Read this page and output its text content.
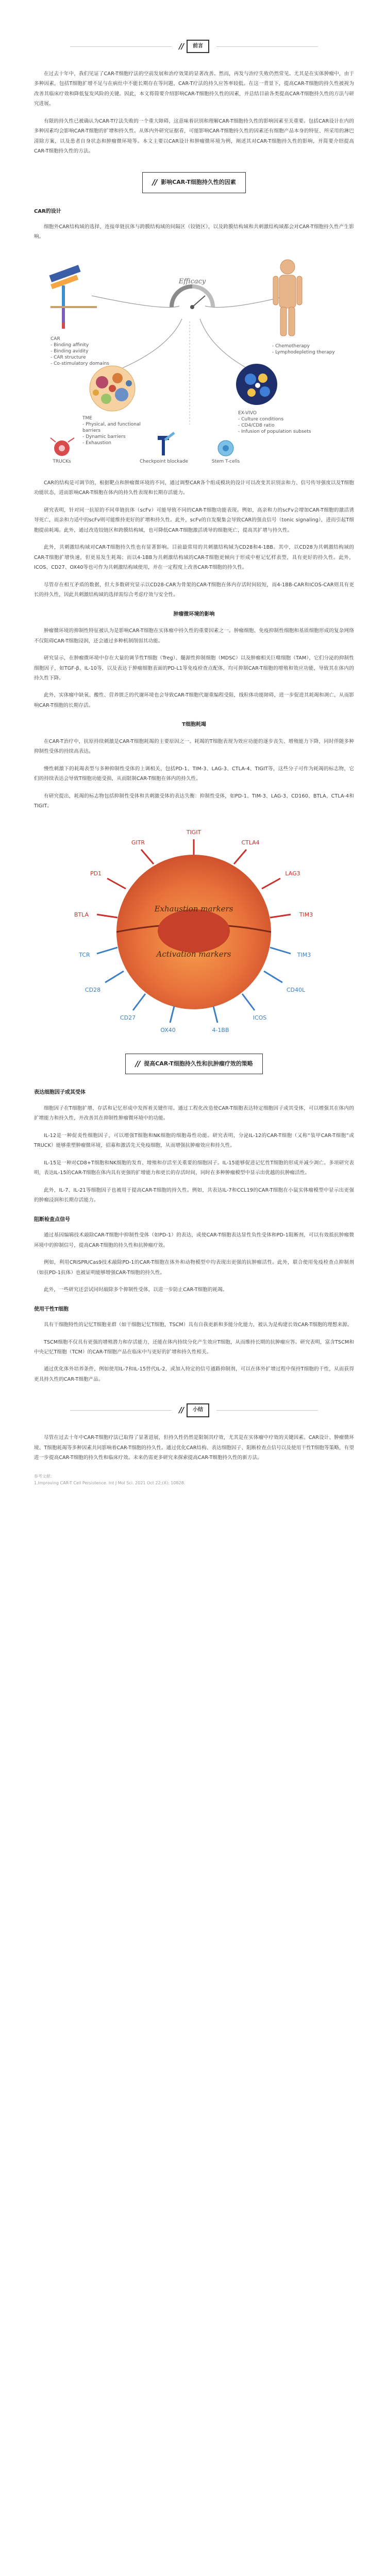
//	前言

在过去十年中，我们见证了CAR-T细胞疗法的空前发展和治疗效果的显著改善。然而，再发与治疗失败仍然常见。尤其是在实体肿瘤中，由于多种因素，包括T细胞扩增不足与在病灶中不能长期存在等问题，CAR-T疗法的持久应答率较低。在这一背景下，提高CAR-T细胞的持久性被视为改善其临床疗效和降低复发风险的关键。因此，本文将简要介绍影响CAR-T细胞持久性的因素，并总结目前各类提高CAR-T细胞持久性的方法与研究进展。

有限的持久性已被确认为CAR-T疗法失败的一个重大障碍，这意味着识别和理解CAR-T细胞持久性的影响因素至关重要。包括CAR设计在内的多种因素均会影响CAR-T细胞的扩增和持久性。从体内外研究证据看，可能影响CAR-T细胞持久性的因素还有细胞产品本身的特征、所采用的淋巴清除方案，以及患者自身状态和肿瘤微环境等。本文主要以CAR设计和肿瘤微环境为例，阐述其对CAR-T细胞持久性的影响，并简要介绍提高CAR-T细胞持久性的方法。

// 影响CAR-T细胞持久性的因素
CAR的设计

细胞外CAR结构域的选择，连接单链抗体与跨膜结构域的间隔区（铰链区），以及跨膜结构域和共刺激结构域都会对CAR-T细胞持久性产生影响。

Efficacy
CAR
- Binding affinity
- Binding avidity
- CAR structure
- Co-stimulatory domains
- Chemotherapy
- Lymphodepleting therapy
TME
- Physical, and functional
barriers
- Dynamic barriers
- Exhaustion
EX-VIVO
- Culture conditions
- CD4/CD8 ratio
- Infusion of population subsets
TRUCKs	Checkpoint blockade	Stem T-cells

CAR的结构是可调节的，根据靶点和肿瘤微环境的不同，通过调整CAR各个组成模块的设计可以改变其识别亲和力、信号传导强度以及T细胞功能状态，进而影响CAR-T细胞在体内的持久性表现和长期存活能力。

研究表明，针对同一抗原的不同单链抗体（scFv）可能导致不同的CAR-T细胞功能表现。例如，高亲和力的scFv会增加CAR-T细胞的激活诱导死亡，而亲和力适中的scFv则可能维持更好的扩增和持久性。此外，scFv的自发聚集会导致CAR的强直信号（tonic signaling），进而引起T细胞提前耗竭。此外，通过改造铰链区和跨膜结构域，也可降低CAR-T细胞激活诱导的细胞死亡，提高其扩增与持久性。

此外，共刺激结构域对CAR-T细胞持久性也有显著影响。目前最常用的共刺激结构域为CD28和4-1BB。其中，以CD28为共刺激结构域的CAR-T细胞扩增快速，但更易发生耗竭；而以4-1BB为共刺激结构域的CAR-T细胞更倾向于形成中枢记忆样表型，具有更好的持久性。此外，ICOS、CD27、OX40等也可作为共刺激结构域使用，并在一定程度上改善CAR-T细胞的持久性。

尽管存在相互矛盾的数据，但大多数研究显示以CD28-CAR为骨架的CAR-T细胞在体内存活时间较短，而4-1BB-CAR和ICOS-CAR则具有更长的持久性，因此共刺激结构域的选择需综合考虑疗效与安全性。

肿瘤微环境的影响

肿瘤微环境的抑制性特征被认为是影响CAR-T细胞在实体瘤中持久性的重要因素之一。肿瘤细胞、免疫抑制性细胞和基质细胞形成的复杂网络不仅阻碍CAR-T细胞浸润，还会通过多种机制削弱其功能。

研究显示，在肿瘤微环境中存在大量的调节性T细胞（Treg）、髓源性抑制细胞（MDSC）以及肿瘤相关巨噬细胞（TAM），它们分泌的抑制性细胞因子，如TGF-β、IL-10等，以及表达于肿瘤细胞表面的PD-L1等免疫检查点配体，均可抑制CAR-T细胞的增殖和效应功能，导致其在体内的持久性下降。

此外，实体瘤中缺氧、酸性、营养匮乏的代谢环境也会导致CAR-T细胞代谢重编程受阻，线粒体功能障碍，进一步促进其耗竭和凋亡，从而影响CAR-T细胞的长期存活。

T细胞耗竭

在CAR-T治疗中，抗原持续刺激是CAR-T细胞耗竭的主要原因之一。耗竭的T细胞表现为效应功能的逐步丧失、增殖能力下降，同时伴随多种抑制性受体的持续高表达。

慢性刺激下的耗竭表型与多种抑制性受体的上调相关，包括PD-1、TIM-3、LAG-3、CTLA-4、TIGIT等，这些分子可作为耗竭的标志物，它们的持续表达会导致T细胞功能受损，从而限制CAR-T细胞在体内的持久性。

有研究提出，耗竭的标志物包括抑制性受体和共刺激受体的表达失衡：抑制性受体，如PD-1、TIM-3、LAG-3、CD160、BTLA、CTLA-4和TIGIT。

Exhaustion markers
Activation markers
TIGIT
GITR	CTLA4
PD1	LAG3
BTLA	TIM3
TCR
CD28
CD27
OX40	4-1BB
ICOS
CD40L
TIM3
// 提高CAR-T细胞持久性和抗肿瘤疗效的策略
表达细胞因子或其受体

细胞因子在T细胞扩增、存活和记忆形成中发挥着关键作用。通过工程化改造使CAR-T细胞表达特定细胞因子或其受体，可以增强其在体内的扩增能力和持久性，并改善其在抑制性肿瘤微环境中的功能。

IL-12是一种促炎性细胞因子，可以增强T细胞和NK细胞的细胞毒性功能。研究表明，分泌IL-12的CAR-T细胞（又称“装甲CAR-T细胞”或TRUCK）能够重塑肿瘤微环境，招募和激活先天免疫细胞，从而增强抗肿瘤效应和持久性。

IL-15是一种对CD8+T细胞和NK细胞的发育、增殖和存活至关重要的细胞因子。IL-15能够促进记忆性T细胞的形成并减少凋亡。多项研究表明，表达IL-15的CAR-T细胞在体内具有更强的扩增能力和更长的存活时间，同时在多种肿瘤模型中显示出优越的抗肿瘤活性。

此外，IL-7、IL-21等细胞因子也被用于提高CAR-T细胞的持久性。例如，共表达IL-7和CCL19的CAR-T细胞在小鼠实体瘤模型中显示出更强的肿瘤浸润和长期存活能力。

阻断检查点信号

通过基因编辑技术敲除CAR-T细胞中抑制性受体（如PD-1）的表达，或使CAR-T细胞表达显性负性受体和PD-1阻断剂，可以有效抵抗肿瘤微环境中的抑制信号，提高CAR-T细胞的持久性和抗肿瘤疗效。

例如，利用CRISPR/Cas9技术敲除PD-1的CAR-T细胞在体外和动物模型中均表现出更强的抗肿瘤活性。此外，联合使用免疫检查点抑制剂（如抗PD-1抗体）也被证明能够增强CAR-T细胞的持久性。

此外，一些研究还尝试同时敲除多个抑制性受体，以进一步防止CAR-T细胞的耗竭。

使用干性T细胞

具有干细胞特性的记忆T细胞亚群（如干细胞记忆T细胞，TSCM）具有自我更新和多能分化能力，被认为是构建长效CAR-T细胞的理想来源。

TSCM细胞不仅具有更强的增殖潜力和存活能力，还能在体内持续分化产生效应T细胞，从而维持长期的抗肿瘤应答。研究表明，富含TSCM和中央记忆T细胞（TCM）的CAR-T细胞产品在临床中与更好的扩增和持久性相关。

通过优化体外培养条件，例如使用IL-7和IL-15替代IL-2，或加入特定的信号通路抑制剂，可以在体外扩增过程中保持T细胞的干性，从而获得更具持久性的CAR-T细胞产品。

//	小结

尽管在过去十年中CAR-T细胞疗法已取得了显著进展，但持久性仍然是限制其疗效，尤其是在实体瘤中疗效的关键因素。CAR设计、肿瘤微环境、T细胞耗竭等多种因素共同影响着CAR-T细胞的持久性。通过优化CAR结构、表达细胞因子、阻断检查点信号以及使用干性T细胞等策略，有望进一步提高CAR-T细胞的持久性和临床疗效。未来仍需更多研究来探索提高CAR-T细胞持久性的新方法。

参考文献：
1.Improving CAR-T Cell Persistence. Int J Mol Sci. 2021 Oct 22;(X): 10828.
